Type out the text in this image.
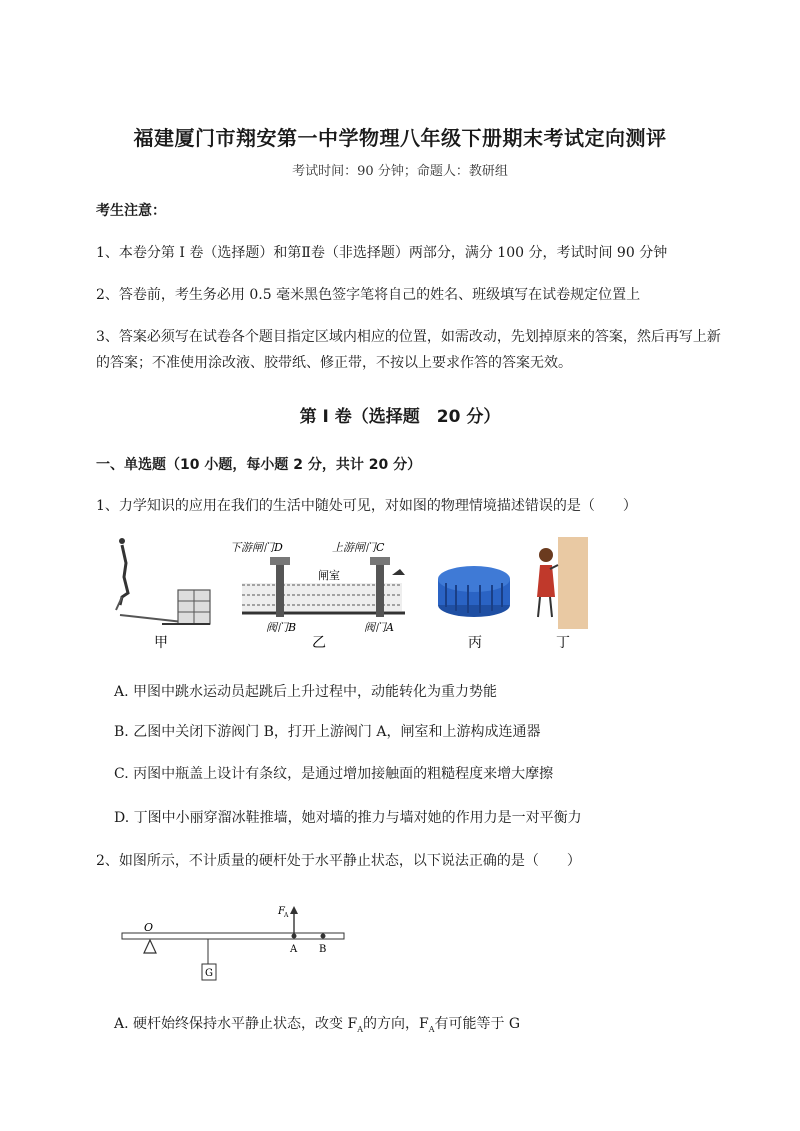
福建厦门市翔安第一中学物理八年级下册期末考试定向测评
考试时间：90 分钟；命题人：教研组
考生注意：
1、本卷分第 I 卷（选择题）和第Ⅱ卷（非选择题）两部分，满分 100 分，考试时间 90 分钟
2、答卷前，考生务必用 0.5 毫米黑色签字笔将自己的姓名、班级填写在试卷规定位置上
3、答案必须写在试卷各个题目指定区域内相应的位置，如需改动，先划掉原来的答案，然后再写上新
的答案；不准使用涂改液、胶带纸、修正带，不按以上要求作答的答案无效。
第 I 卷（选择题　20 分）
一、单选题（10 小题，每小题 2 分，共计 20 分）
1、力学知识的应用在我们的生活中随处可见，对如图的物理情境描述错误的是（　　）
甲
下游闸门D	上游闸门C
闸室
阀门B	阀门A
乙	丙	丁
A. 甲图中跳水运动员起跳后上升过程中，动能转化为重力势能
B. 乙图中关闭下游阀门 B，打开上游阀门 A，闸室和上游构成连通器
C. 丙图中瓶盖上设计有条纹，是通过增加接触面的粗糙程度来增大摩擦
D. 丁图中小丽穿溜冰鞋推墙，她对墙的推力与墙对她的作用力是一对平衡力
2、如图所示，不计质量的硬杆处于水平静止状态，以下说法正确的是（　　）
O
G
F A
A B
A. 硬杆始终保持水平静止状态，改变 $F_A$的方向，$F_A$有可能等于 G
